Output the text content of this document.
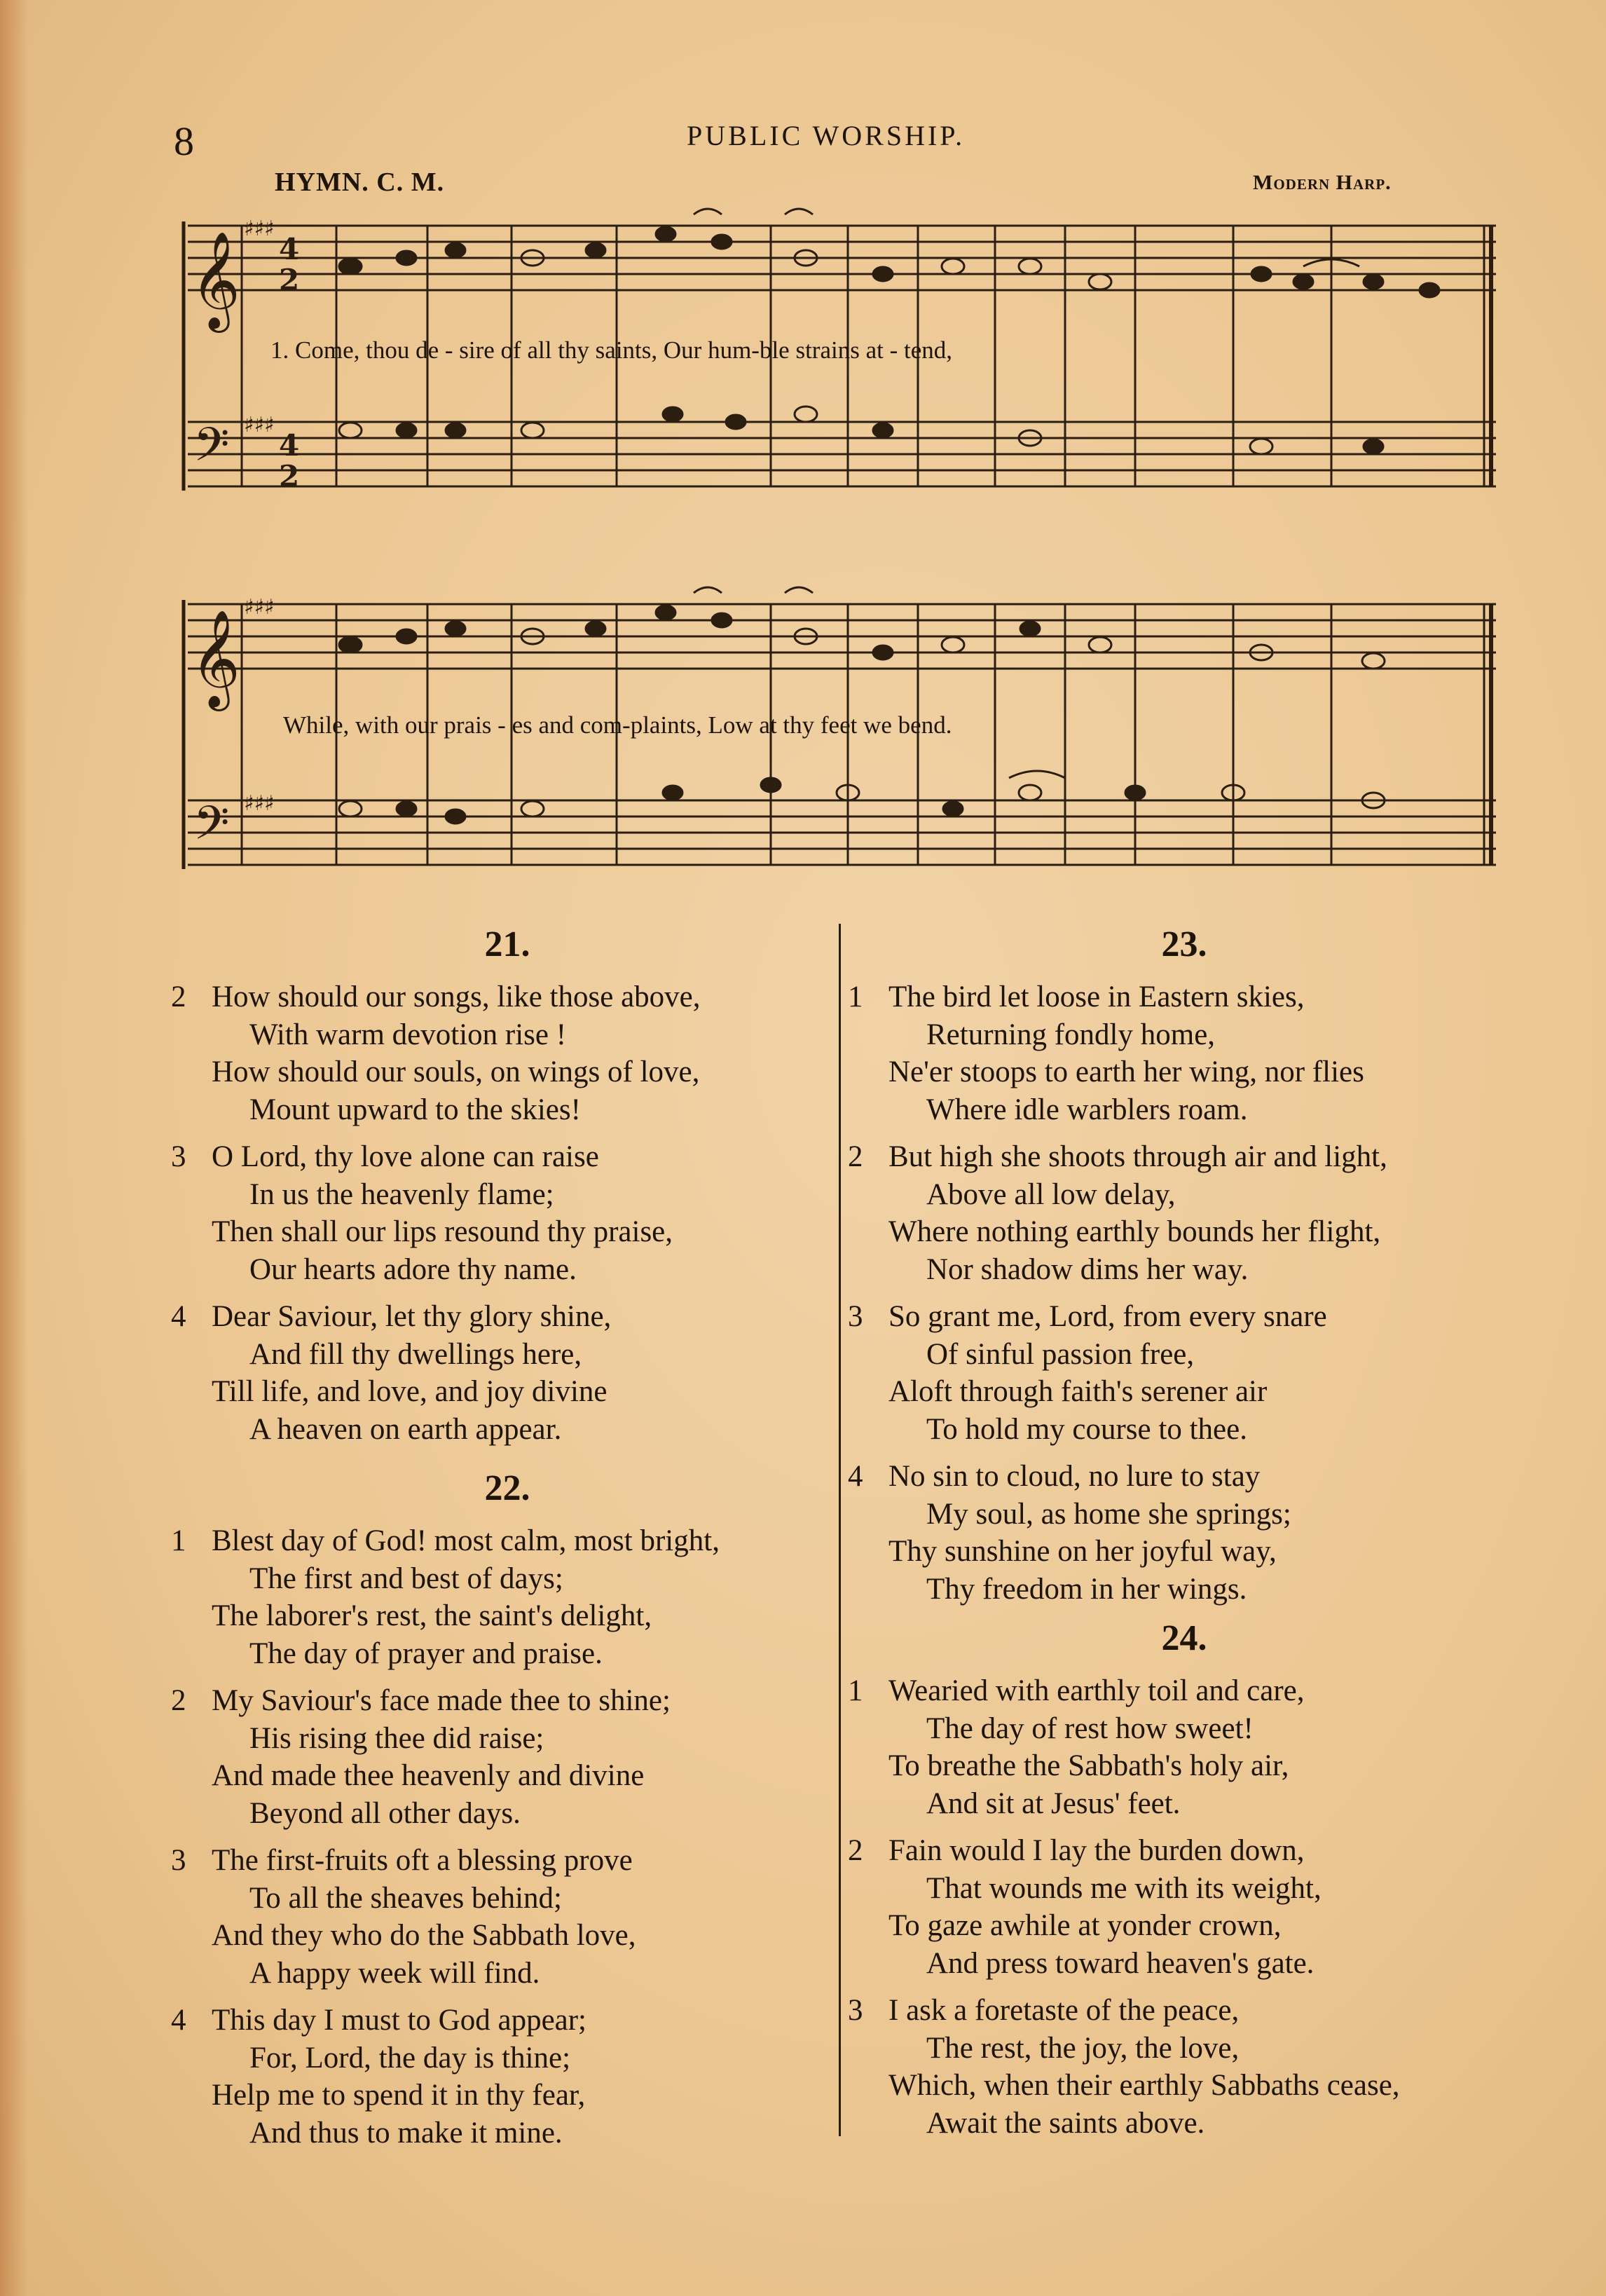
8	PUBLIC WORSHIP.
HYMN. C. M.	Modern Harp.
𝄞
𝄢
𝄞
𝄢
♯♯♯
4
2
♯♯♯
4
2
♯♯♯
♯♯♯
1. Come, thou de - sire of all thy saints, Our hum-ble strains at - tend,
While, with our prais - es and com-plaints, Low at thy feet we bend.
21.
2 How should our songs, like those above,
With warm devotion rise !
How should our souls, on wings of love,
Mount upward to the skies!
3 O Lord, thy love alone can raise
In us the heavenly flame;
Then shall our lips resound thy praise,
Our hearts adore thy name.
4 Dear Saviour, let thy glory shine,
And fill thy dwellings here,
Till life, and love, and joy divine
A heaven on earth appear.
22.
1 Blest day of God! most calm, most bright,
The first and best of days;
The laborer's rest, the saint's delight,
The day of prayer and praise.
2 My Saviour's face made thee to shine;
His rising thee did raise;
And made thee heavenly and divine
Beyond all other days.
3 The first-fruits oft a blessing prove
To all the sheaves behind;
And they who do the Sabbath love,
A happy week will find.
4 This day I must to God appear;
For, Lord, the day is thine;
Help me to spend it in thy fear,
And thus to make it mine.
23.
1 The bird let loose in Eastern skies,
Returning fondly home,
Ne'er stoops to earth her wing, nor flies
Where idle warblers roam.
2 But high she shoots through air and light,
Above all low delay,
Where nothing earthly bounds her flight,
Nor shadow dims her way.
3 So grant me, Lord, from every snare
Of sinful passion free,
Aloft through faith's serener air
To hold my course to thee.
4 No sin to cloud, no lure to stay
My soul, as home she springs;
Thy sunshine on her joyful way,
Thy freedom in her wings.
24.
1 Wearied with earthly toil and care,
The day of rest how sweet!
To breathe the Sabbath's holy air,
And sit at Jesus' feet.
2 Fain would I lay the burden down,
That wounds me with its weight,
To gaze awhile at yonder crown,
And press toward heaven's gate.
3 I ask a foretaste of the peace,
The rest, the joy, the love,
Which, when their earthly Sabbaths cease,
Await the saints above.
